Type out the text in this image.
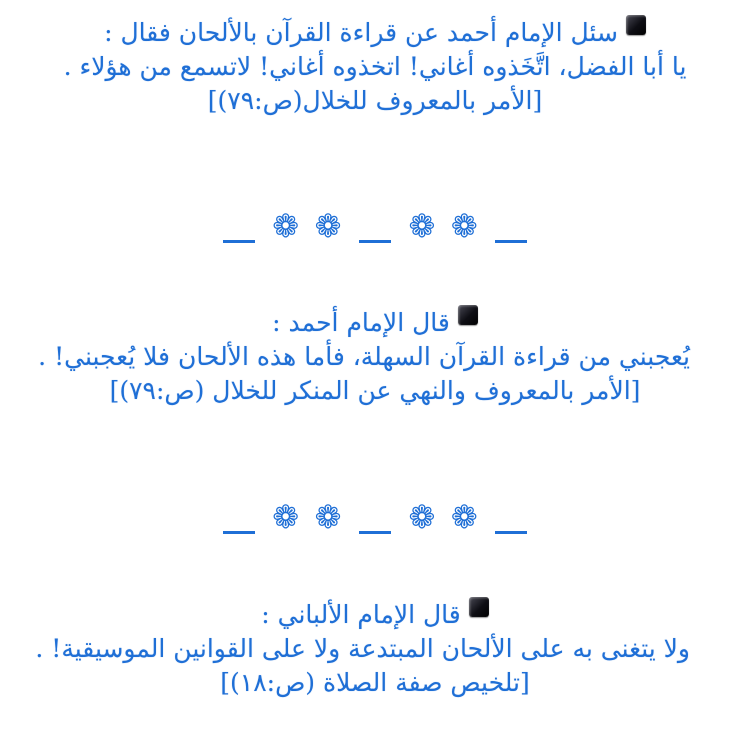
سئل الإمام أحمد عن قراءة القرآن بالألحان فقال :
يا أبا الفضل، اتَّخَذوه أغاني! اتخذوه أغاني! لاتسمع من هؤلاء .
[الأمر بالمعروف للخلال(ص:٧٩)]
❁ ❁ ❁ ❁
قال الإمام أحمد :
يُعجبني من قراءة القرآن السهلة، فأما هذه الألحان فلا يُعجبني! .
[الأمر بالمعروف والنهي عن المنكر للخلال (ص:٧٩)]
❁ ❁ ❁ ❁
قال الإمام الألباني :
ولا يتغنى به على الألحان المبتدعة ولا على القوانين الموسيقية! .
[تلخيص صفة الصلاة (ص:١٨)]
